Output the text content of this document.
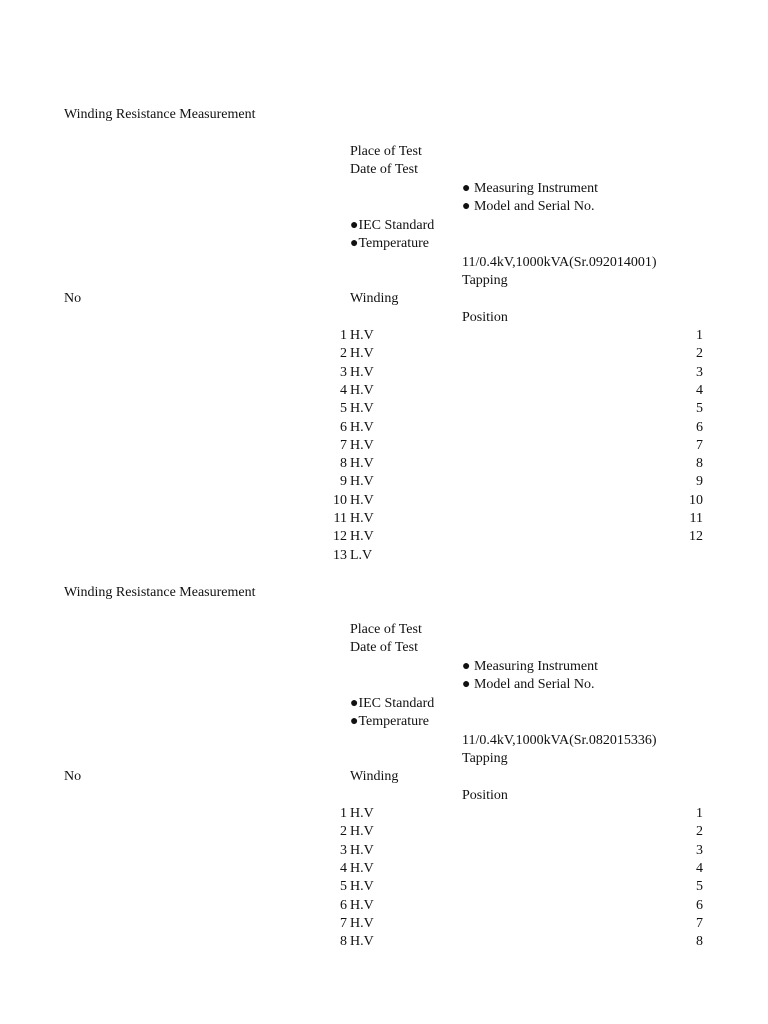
Winding Resistance Measurement
Place of Test
Date of Test
● Measuring Instrument
● Model and Serial No.
●IEC Standard
●Temperature
11/0.4kV,1000kVA(Sr.092014001)
Tapping
No	Winding
Position
1 H.V	1
2 H.V	2
3 H.V	3
4 H.V	4
5 H.V	5
6 H.V	6
7 H.V	7
8 H.V	8
9 H.V	9
10 H.V	10
11 H.V	11
12 H.V	12
13 L.V
Winding Resistance Measurement
Place of Test
Date of Test
● Measuring Instrument
● Model and Serial No.
●IEC Standard
●Temperature
11/0.4kV,1000kVA(Sr.082015336)
Tapping
No	Winding
Position
1 H.V	1
2 H.V	2
3 H.V	3
4 H.V	4
5 H.V	5
6 H.V	6
7 H.V	7
8 H.V	8
